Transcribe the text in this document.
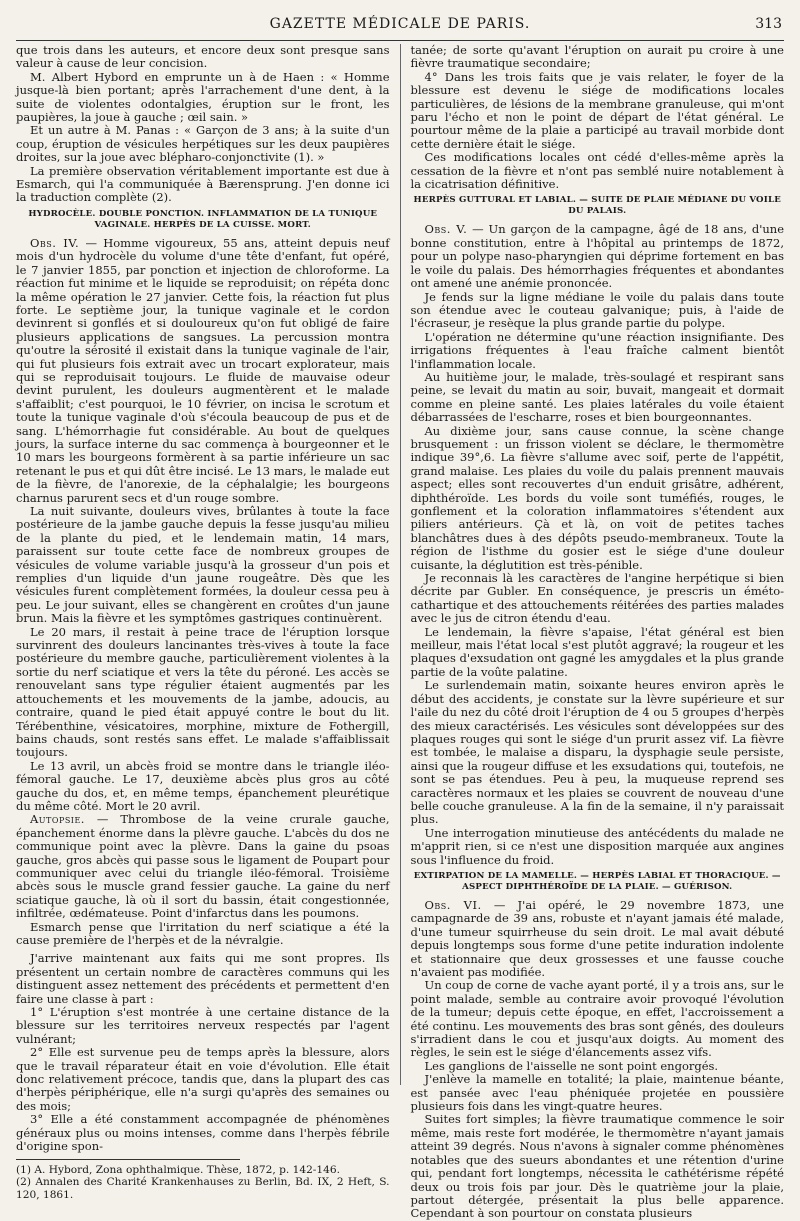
GAZETTE MÉDICALE DE PARIS.	313

que trois dans les auteurs, et encore deux sont presque sans valeur à cause de leur concision.

M. Albert Hybord en emprunte un à de Haen : « Homme jusque-là bien portant; après l'arrachement d'une dent, à la suite de violentes odontalgies, éruption sur le front, les paupières, la joue à gauche ; œil sain. »

Et un autre à M. Panas : « Garçon de 3 ans; à la suite d'un coup, éruption de vésicules herpétiques sur les deux paupières droites, sur la joue avec blépharo-conjonctivite (1). »

La première observation véritablement importante est due à Esmarch, qui l'a communiquée à Bærensprung. J'en donne ici la traduction complète (2).

HYDROCÈLE. DOUBLE PONCTION. INFLAMMATION DE LA TUNIQUE VAGINALE. HERPÈS DE LA CUISSE. MORT.

Obs. IV. — Homme vigoureux, 55 ans, atteint depuis neuf mois d'un hydrocèle du volume d'une tête d'enfant, fut opéré, le 7 janvier 1855, par ponction et injection de chloroforme. La réaction fut minime et le liquide se reproduisit; on répéta donc la même opération le 27 janvier. Cette fois, la réaction fut plus forte. Le septième jour, la tunique vaginale et le cordon devinrent si gonflés et si douloureux qu'on fut obligé de faire plusieurs applications de sangsues. La percussion montra qu'outre la sérosité il existait dans la tunique vaginale de l'air, qui fut plusieurs fois extrait avec un trocart explorateur, mais qui se reproduisait toujours. Le fluide de mauvaise odeur devint purulent, les douleurs augmentèrent et le malade s'affaiblit; c'est pourquoi, le 10 février, on incisa le scrotum et toute la tunique vaginale d'où s'écoula beaucoup de pus et de sang. L'hémorrhagie fut considérable. Au bout de quelques jours, la surface interne du sac commença à bourgeonner et le 10 mars les bourgeons formèrent à sa partie inférieure un sac retenant le pus et qui dût être incisé. Le 13 mars, le malade eut de la fièvre, de l'anorexie, de la céphalalgie; les bourgeons charnus parurent secs et d'un rouge sombre.

La nuit suivante, douleurs vives, brûlantes à toute la face postérieure de la jambe gauche depuis la fesse jusqu'au milieu de la plante du pied, et le lendemain matin, 14 mars, paraissent sur toute cette face de nombreux groupes de vésicules de volume variable jusqu'à la grosseur d'un pois et remplies d'un liquide d'un jaune rougeâtre. Dès que les vésicules furent complètement formées, la douleur cessa peu à peu. Le jour suivant, elles se changèrent en croûtes d'un jaune brun. Mais la fièvre et les symptômes gastriques continuèrent.

Le 20 mars, il restait à peine trace de l'éruption lorsque survinrent des douleurs lancinantes très-vives à toute la face postérieure du membre gauche, particulièrement violentes à la sortie du nerf sciatique et vers la tête du péroné. Les accès se renouvelant sans type régulier étaient augmentés par les attouchements et les mouvements de la jambe, adoucis, au contraire, quand le pied était appuyé contre le bout du lit. Térébenthine, vésicatoires, morphine, mixture de Fothergill, bains chauds, sont restés sans effet. Le malade s'affaiblissait toujours.

Le 13 avril, un abcès froid se montre dans le triangle iléo-fémoral gauche. Le 17, deuxième abcès plus gros au côté gauche du dos, et, en même temps, épanchement pleurétique du même côté. Mort le 20 avril.

Autopsie. — Thrombose de la veine crurale gauche, épanchement énorme dans la plèvre gauche. L'abcès du dos ne communique point avec la plèvre. Dans la gaine du psoas gauche, gros abcès qui passe sous le ligament de Poupart pour communiquer avec celui du triangle iléo-fémoral. Troisième abcès sous le muscle grand fessier gauche. La gaine du nerf sciatique gauche, là où il sort du bassin, était congestionnée, infiltrée, œdémateuse. Point d'infarctus dans les poumons.

Esmarch pense que l'irritation du nerf sciatique a été la cause première de l'herpès et de la névralgie.

J'arrive maintenant aux faits qui me sont propres. Ils présentent un certain nombre de caractères communs qui les distinguent assez nettement des précédents et permettent d'en faire une classe à part :

1° L'éruption s'est montrée à une certaine distance de la blessure sur les territoires nerveux respectés par l'agent vulnérant;

2° Elle est survenue peu de temps après la blessure, alors que le travail réparateur était en voie d'évolution. Elle était donc relativement précoce, tandis que, dans la plupart des cas d'herpès périphérique, elle n'a surgi qu'après des semaines ou des mois;

3° Elle a été constamment accompagnée de phénomènes généraux plus ou moins intenses, comme dans l'herpès fébrile d'origine spon-

(1) A. Hybord, Zona ophthalmique. Thèse, 1872, p. 142-146.

(2) Annalen des Charité Krankenhauses zu Berlin, Bd. IX, 2 Heft, S. 120, 1861.

tanée; de sorte qu'avant l'éruption on aurait pu croire à une fièvre traumatique secondaire;

4° Dans les trois faits que je vais relater, le foyer de la blessure est devenu le siége de modifications locales particulières, de lésions de la membrane granuleuse, qui m'ont paru l'écho et non le point de départ de l'état général. Le pourtour même de la plaie a participé au travail morbide dont cette dernière était le siége.

Ces modifications locales ont cédé d'elles-même après la cessation de la fièvre et n'ont pas semblé nuire notablement à la cicatrisation définitive.

HERPÈS GUTTURAL ET LABIAL. — SUITE DE PLAIE MÉDIANE DU VOILE DU PALAIS.

Obs. V. — Un garçon de la campagne, âgé de 18 ans, d'une bonne constitution, entre à l'hôpital au printemps de 1872, pour un polype naso-pharyngien qui déprime fortement en bas le voile du palais. Des hémorrhagies fréquentes et abondantes ont amené une anémie prononcée.

Je fends sur la ligne médiane le voile du palais dans toute son étendue avec le couteau galvanique; puis, à l'aide de l'écraseur, je resèque la plus grande partie du polype.

L'opération ne détermine qu'une réaction insignifiante. Des irrigations fréquentes à l'eau fraîche calment bientôt l'inflammation locale.

Au huitième jour, le malade, très-soulagé et respirant sans peine, se levait du matin au soir, buvait, mangeait et dormait comme en pleine santé. Les plaies latérales du voile étaient débarrassées de l'escharre, roses et bien bourgeonnantes.

Au dixième jour, sans cause connue, la scène change brusquement : un frisson violent se déclare, le thermomètre indique 39°,6. La fièvre s'allume avec soif, perte de l'appétit, grand malaise. Les plaies du voile du palais prennent mauvais aspect; elles sont recouvertes d'un enduit grisâtre, adhérent, diphthéroïde. Les bords du voile sont tuméfiés, rouges, le gonflement et la coloration inflammatoires s'étendent aux piliers antérieurs. Çà et là, on voit de petites taches blanchâtres dues à des dépôts pseudo-membraneux. Toute la région de l'isthme du gosier est le siége d'une douleur cuisante, la déglutition est très-pénible.

Je reconnais là les caractères de l'angine herpétique si bien décrite par Gubler. En conséquence, je prescris un éméto-cathartique et des attouchements réitérées des parties malades avec le jus de citron étendu d'eau.

Le lendemain, la fièvre s'apaise, l'état général est bien meilleur, mais l'état local s'est plutôt aggravé; la rougeur et les plaques d'exsudation ont gagné les amygdales et la plus grande partie de la voûte palatine.

Le surlendemain matin, soixante heures environ après le début des accidents, je constate sur la lèvre supérieure et sur l'aile du nez du côté droit l'éruption de 4 ou 5 groupes d'herpès des mieux caractérisés. Les vésicules sont développées sur des plaques rouges qui sont le siége d'un prurit assez vif. La fièvre est tombée, le malaise a disparu, la dysphagie seule persiste, ainsi que la rougeur diffuse et les exsudations qui, toutefois, ne sont se pas étendues. Peu à peu, la muqueuse reprend ses caractères normaux et les plaies se couvrent de nouveau d'une belle couche granuleuse. A la fin de la semaine, il n'y paraissait plus.

Une interrogation minutieuse des antécédents du malade ne m'apprit rien, si ce n'est une disposition marquée aux angines sous l'influence du froid.

EXTIRPATION DE LA MAMELLE. — HERPÈS LABIAL ET THORACIQUE. — ASPECT DIPHTHÉROÏDE DE LA PLAIE. — GUÉRISON.

Obs. VI. — J'ai opéré, le 29 novembre 1873, une campagnarde de 39 ans, robuste et n'ayant jamais été malade, d'une tumeur squirrheuse du sein droit. Le mal avait débuté depuis longtemps sous forme d'une petite induration indolente et stationnaire que deux grossesses et une fausse couche n'avaient pas modifiée.

Un coup de corne de vache ayant porté, il y a trois ans, sur le point malade, semble au contraire avoir provoqué l'évolution de la tumeur; depuis cette époque, en effet, l'accroissement a été continu. Les mouvements des bras sont gênés, des douleurs s'irradient dans le cou et jusqu'aux doigts. Au moment des règles, le sein est le siége d'élancements assez vifs.

Les ganglions de l'aisselle ne sont point engorgés.

J'enlève la mamelle en totalité; la plaie, maintenue béante, est pansée avec l'eau phéniquée projetée en poussière plusieurs fois dans les vingt-quatre heures.

Suites fort simples; la fièvre traumatique commence le soir même, mais reste fort modérée, le thermomètre n'ayant jamais atteint 39 degrés. Nous n'avons à signaler comme phénomènes notables que des sueurs abondantes et une rétention d'urine qui, pendant fort longtemps, nécessita le cathétérisme répété deux ou trois fois par jour. Dès le quatrième jour la plaie, partout détergée, présentait la plus belle apparence. Cependant à son pourtour on constata plusieurs
